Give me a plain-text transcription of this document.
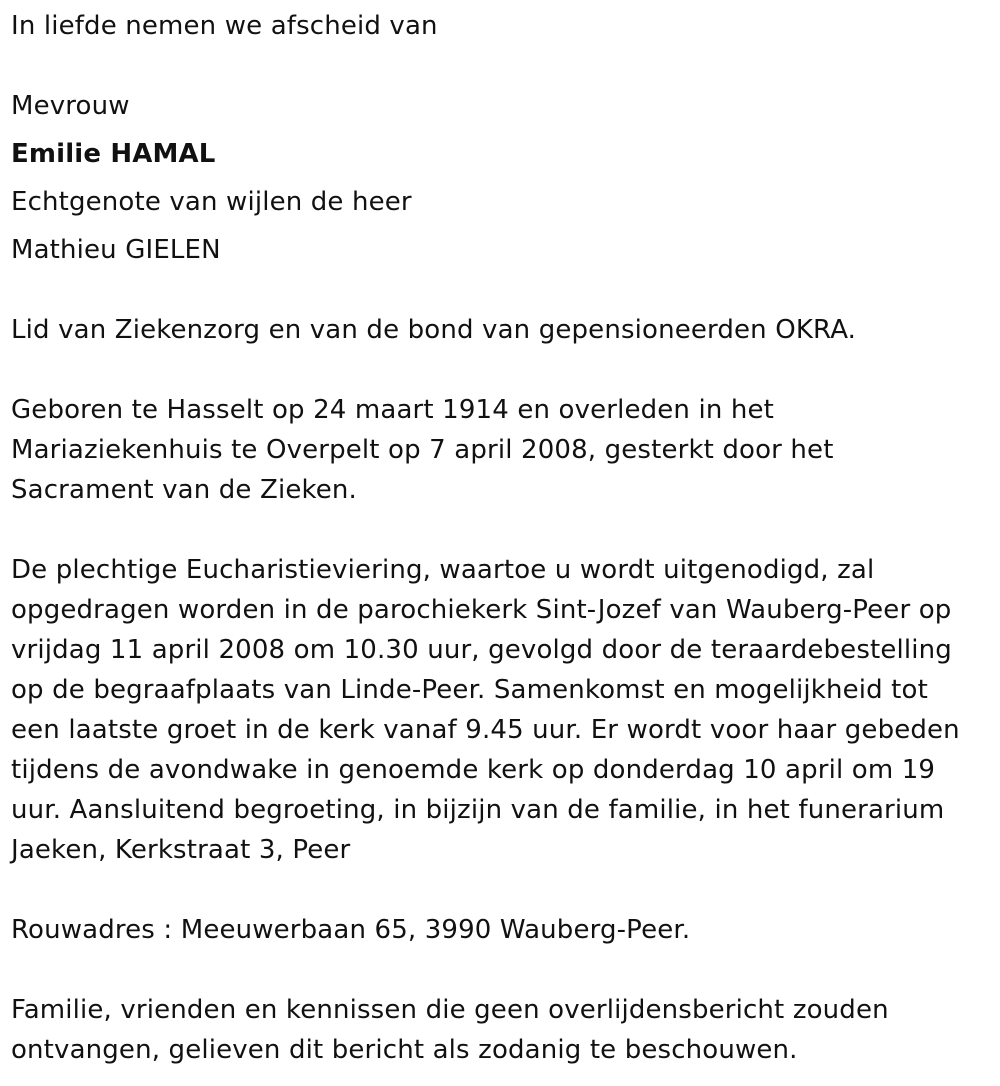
In liefde nemen we afscheid van
Mevrouw
Emilie HAMAL
Echtgenote van wijlen de heer
Mathieu GIELEN
Lid van Ziekenzorg en van de bond van gepensioneerden OKRA.
Geboren te Hasselt op 24 maart 1914 en overleden in het
Mariaziekenhuis te Overpelt op 7 april 2008, gesterkt door het
Sacrament van de Zieken.
De plechtige Eucharistieviering, waartoe u wordt uitgenodigd, zal
opgedragen worden in de parochiekerk Sint-Jozef van Wauberg-Peer op
vrijdag 11 april 2008 om 10.30 uur, gevolgd door de teraardebestelling
op de begraafplaats van Linde-Peer. Samenkomst en mogelijkheid tot
een laatste groet in de kerk vanaf 9.45 uur. Er wordt voor haar gebeden
tijdens de avondwake in genoemde kerk op donderdag 10 april om 19
uur. Aansluitend begroeting, in bijzijn van de familie, in het funerarium
Jaeken, Kerkstraat 3, Peer
Rouwadres : Meeuwerbaan 65, 3990 Wauberg-Peer.
Familie, vrienden en kennissen die geen overlijdensbericht zouden
ontvangen, gelieven dit bericht als zodanig te beschouwen.
